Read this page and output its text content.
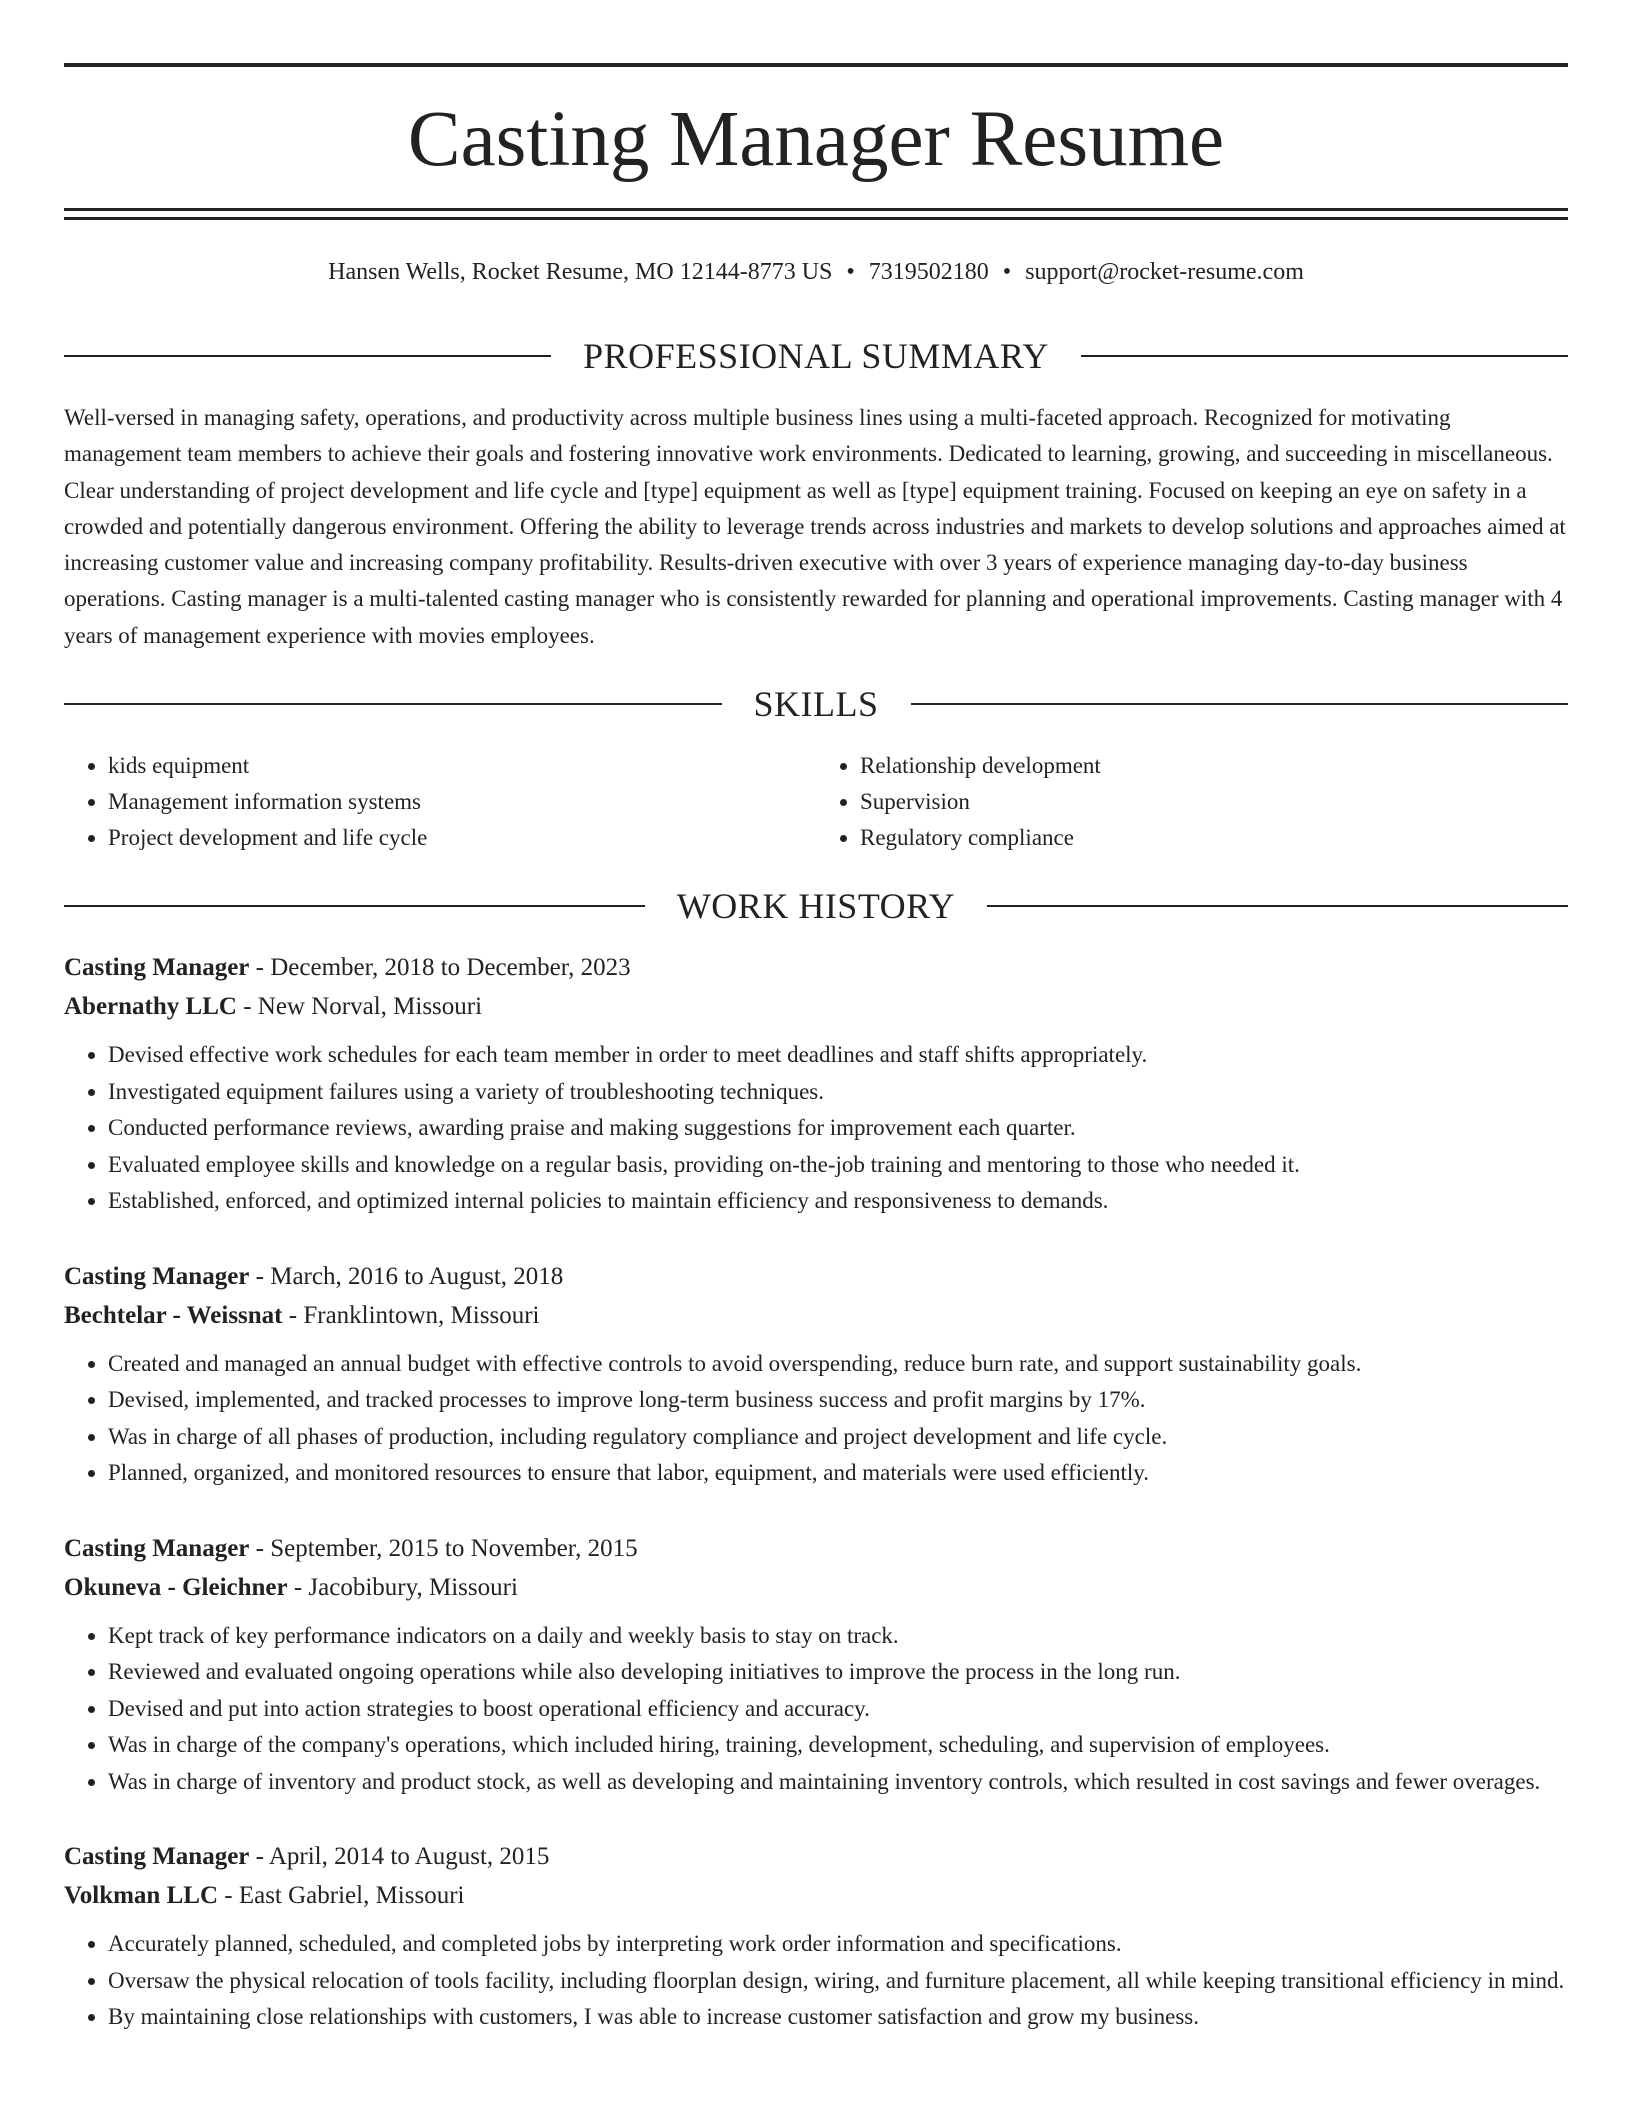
Casting Manager Resume
Hansen Wells, Rocket Resume, MO 12144-8773 US • 7319502180 • support@rocket-resume.com
PROFESSIONAL SUMMARY

Well-versed in managing safety, operations, and productivity across multiple business lines using a multi-faceted approach. Recognized for motivating management team members to achieve their goals and fostering innovative work environments. Dedicated to learning, growing, and succeeding in miscellaneous. Clear understanding of project development and life cycle and [type] equipment as well as [type] equipment training. Focused on keeping an eye on safety in a crowded and potentially dangerous environment. Offering the ability to leverage trends across industries and markets to develop solutions and approaches aimed at increasing customer value and increasing company profitability. Results-driven executive with over 3 years of experience managing day-to-day business operations. Casting manager is a multi-talented casting manager who is consistently rewarded for planning and operational improvements. Casting manager with 4 years of management experience with movies employees.

SKILLS
• kids equipment
• Management information systems
• Project development and life cycle
• Relationship development
• Supervision
• Regulatory compliance
WORK HISTORY
Casting Manager - December, 2018 to December, 2023
Abernathy LLC - New Norval, Missouri
• Devised effective work schedules for each team member in order to meet deadlines and staff shifts appropriately.
• Investigated equipment failures using a variety of troubleshooting techniques.
• Conducted performance reviews, awarding praise and making suggestions for improvement each quarter.
• Evaluated employee skills and knowledge on a regular basis, providing on-the-job training and mentoring to those who needed it.
• Established, enforced, and optimized internal policies to maintain efficiency and responsiveness to demands.
Casting Manager - March, 2016 to August, 2018
Bechtelar - Weissnat - Franklintown, Missouri
• Created and managed an annual budget with effective controls to avoid overspending, reduce burn rate, and support sustainability goals.
• Devised, implemented, and tracked processes to improve long-term business success and profit margins by 17%.
• Was in charge of all phases of production, including regulatory compliance and project development and life cycle.
• Planned, organized, and monitored resources to ensure that labor, equipment, and materials were used efficiently.
Casting Manager - September, 2015 to November, 2015
Okuneva - Gleichner - Jacobibury, Missouri
• Kept track of key performance indicators on a daily and weekly basis to stay on track.
• Reviewed and evaluated ongoing operations while also developing initiatives to improve the process in the long run.
• Devised and put into action strategies to boost operational efficiency and accuracy.
• Was in charge of the company's operations, which included hiring, training, development, scheduling, and supervision of employees.
• Was in charge of inventory and product stock, as well as developing and maintaining inventory controls, which resulted in cost savings and fewer overages.
Casting Manager - April, 2014 to August, 2015
Volkman LLC - East Gabriel, Missouri
• Accurately planned, scheduled, and completed jobs by interpreting work order information and specifications.
• Oversaw the physical relocation of tools facility, including floorplan design, wiring, and furniture placement, all while keeping transitional efficiency in mind.
• By maintaining close relationships with customers, I was able to increase customer satisfaction and grow my business.
